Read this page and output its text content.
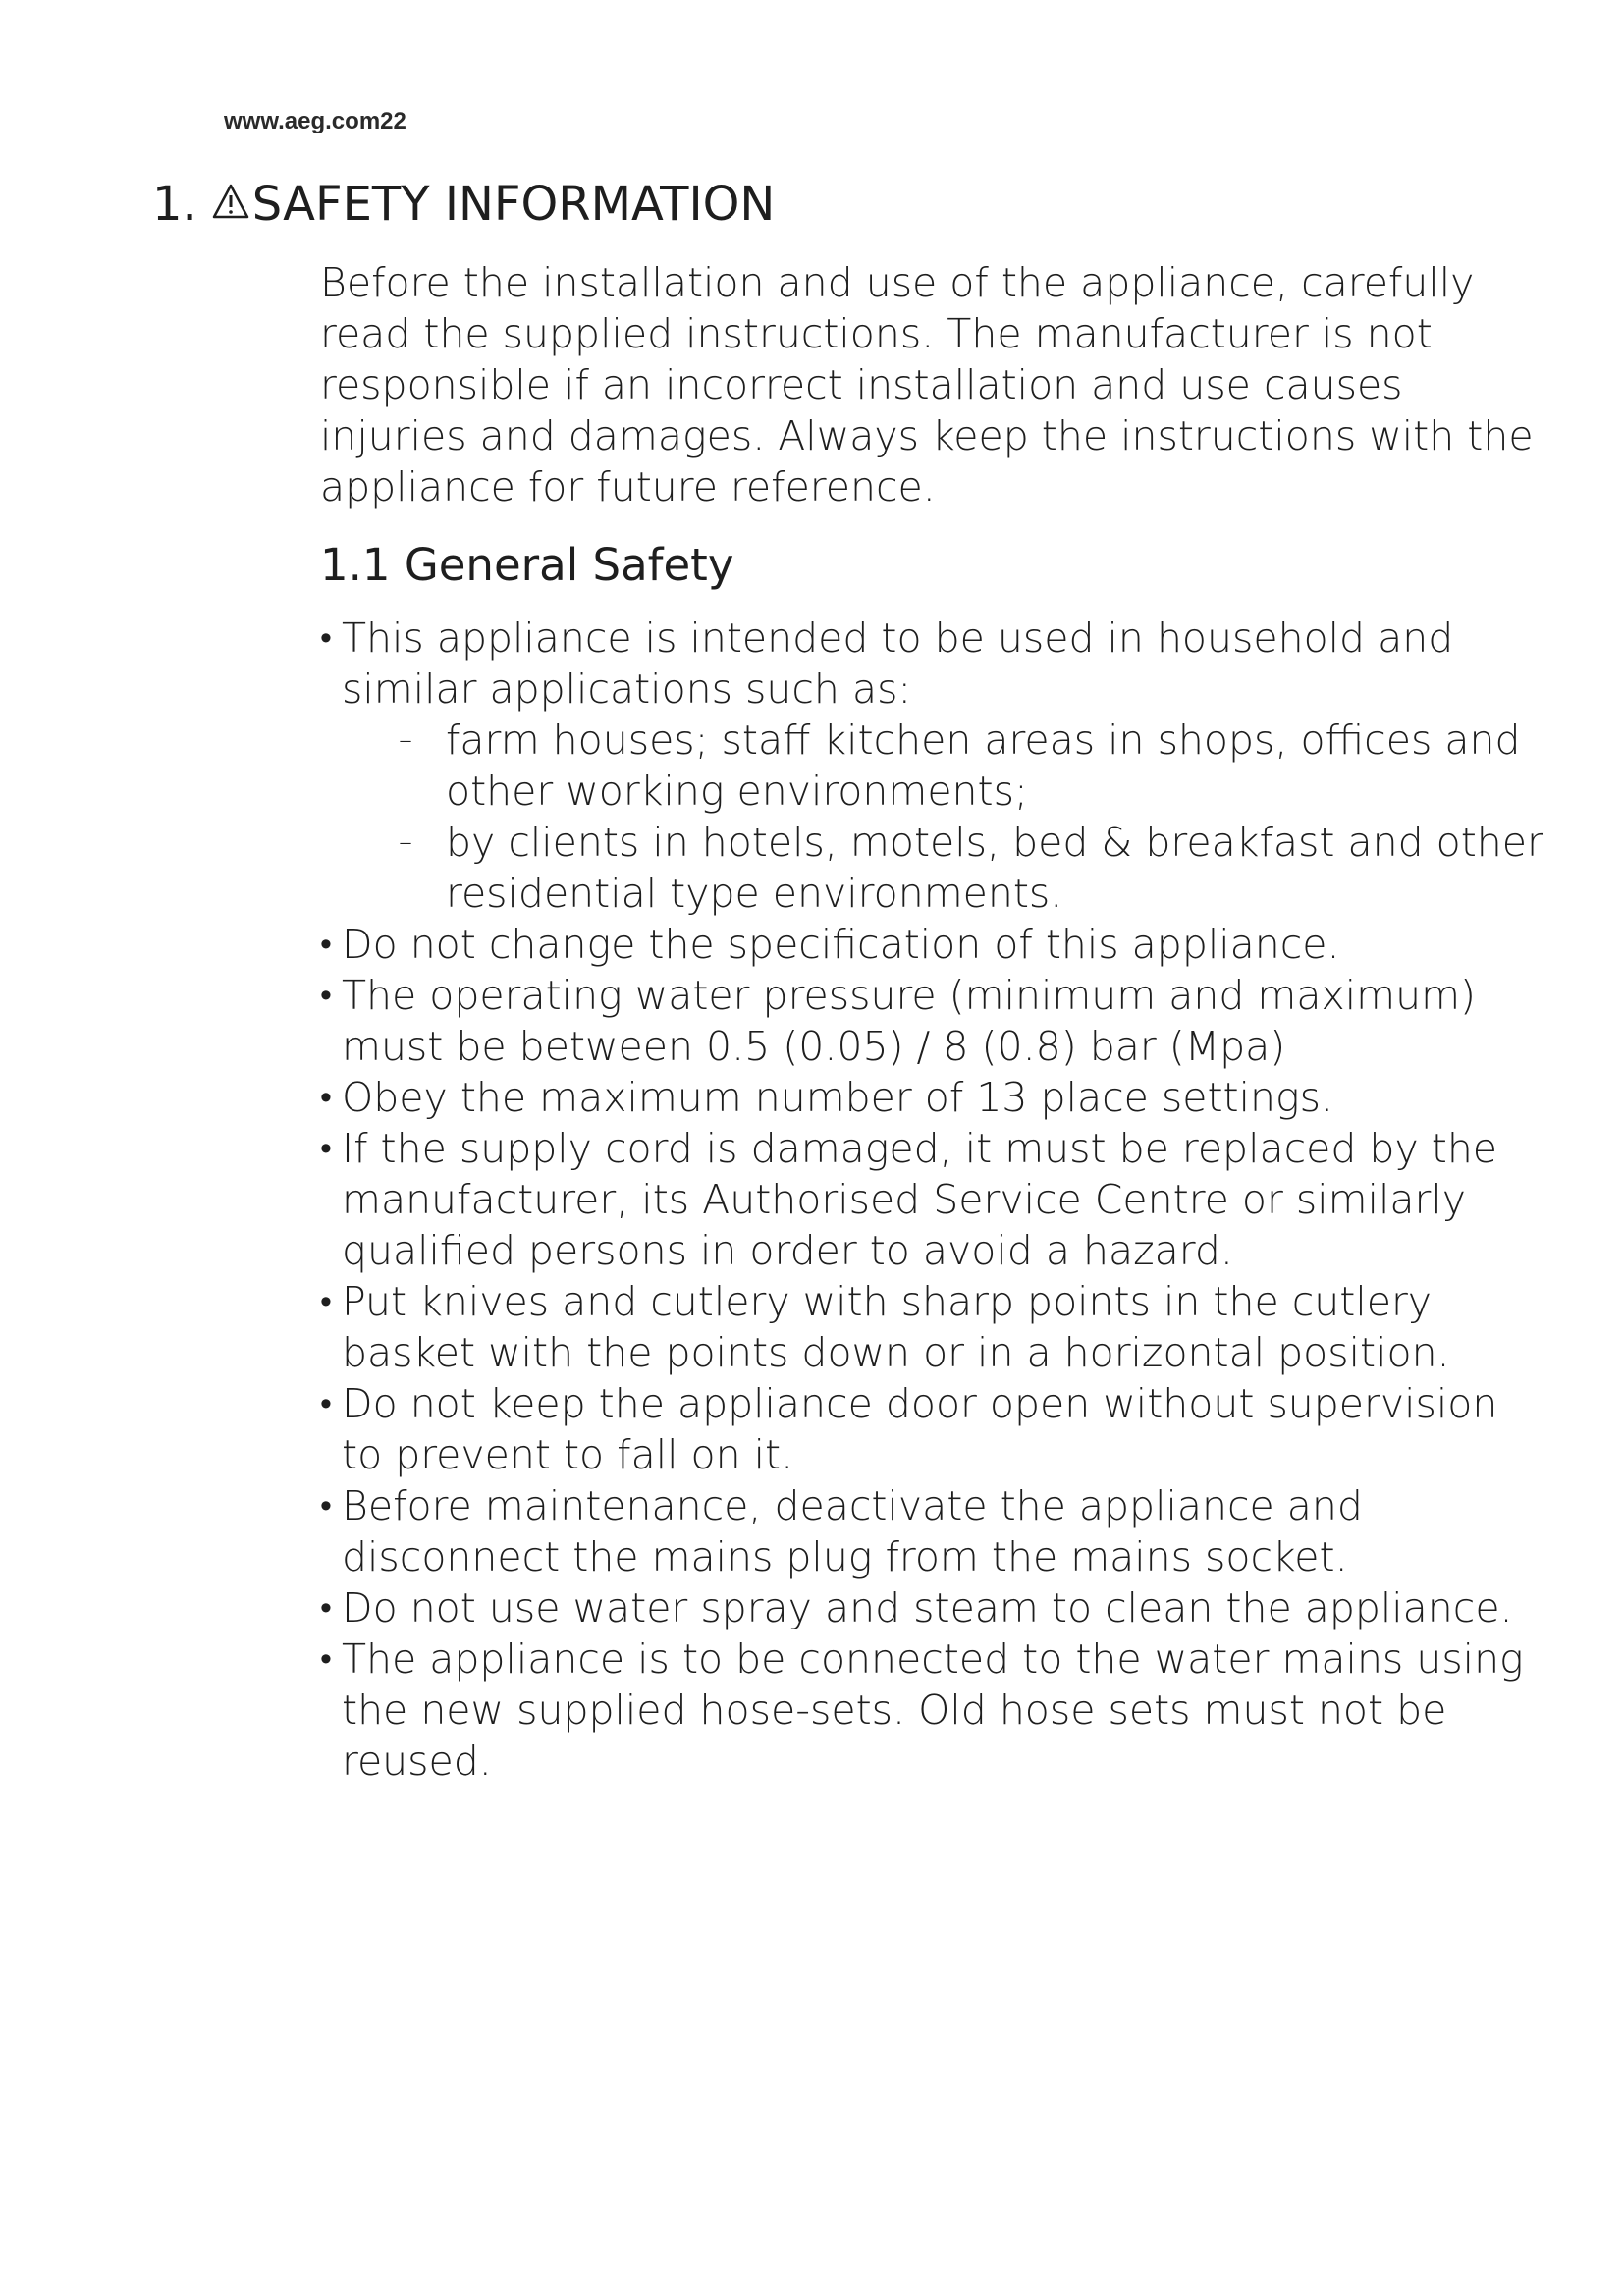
www.aeg.com22
1. SAFETY INFORMATION

Before the installation and use of the appliance, carefully read the supplied instructions. The manufacturer is not responsible if an incorrect installation and use causes injuries and damages. Always keep the instructions with the appliance for future reference.

1.1 General Safety
• This appliance is intended to be used in household and similar applications such as:
– farm houses; staff kitchen areas in shops, offices and other working environments;
– by clients in hotels, motels, bed & breakfast and other residential type environments.
• Do not change the specification of this appliance.
• The operating water pressure (minimum and maximum) must be between 0.5 (0.05) / 8 (0.8) bar (Mpa)
• Obey the maximum number of 13 place settings.
• If the supply cord is damaged, it must be replaced by the manufacturer, its Authorised Service Centre or similarly qualified persons in order to avoid a hazard.
• Put knives and cutlery with sharp points in the cutlery basket with the points down or in a horizontal position.
• Do not keep the appliance door open without supervision to prevent to fall on it.
• Before maintenance, deactivate the appliance and disconnect the mains plug from the mains socket.
• Do not use water spray and steam to clean the appliance.
• The appliance is to be connected to the water mains using the new supplied hose-sets. Old hose sets must not be reused.
